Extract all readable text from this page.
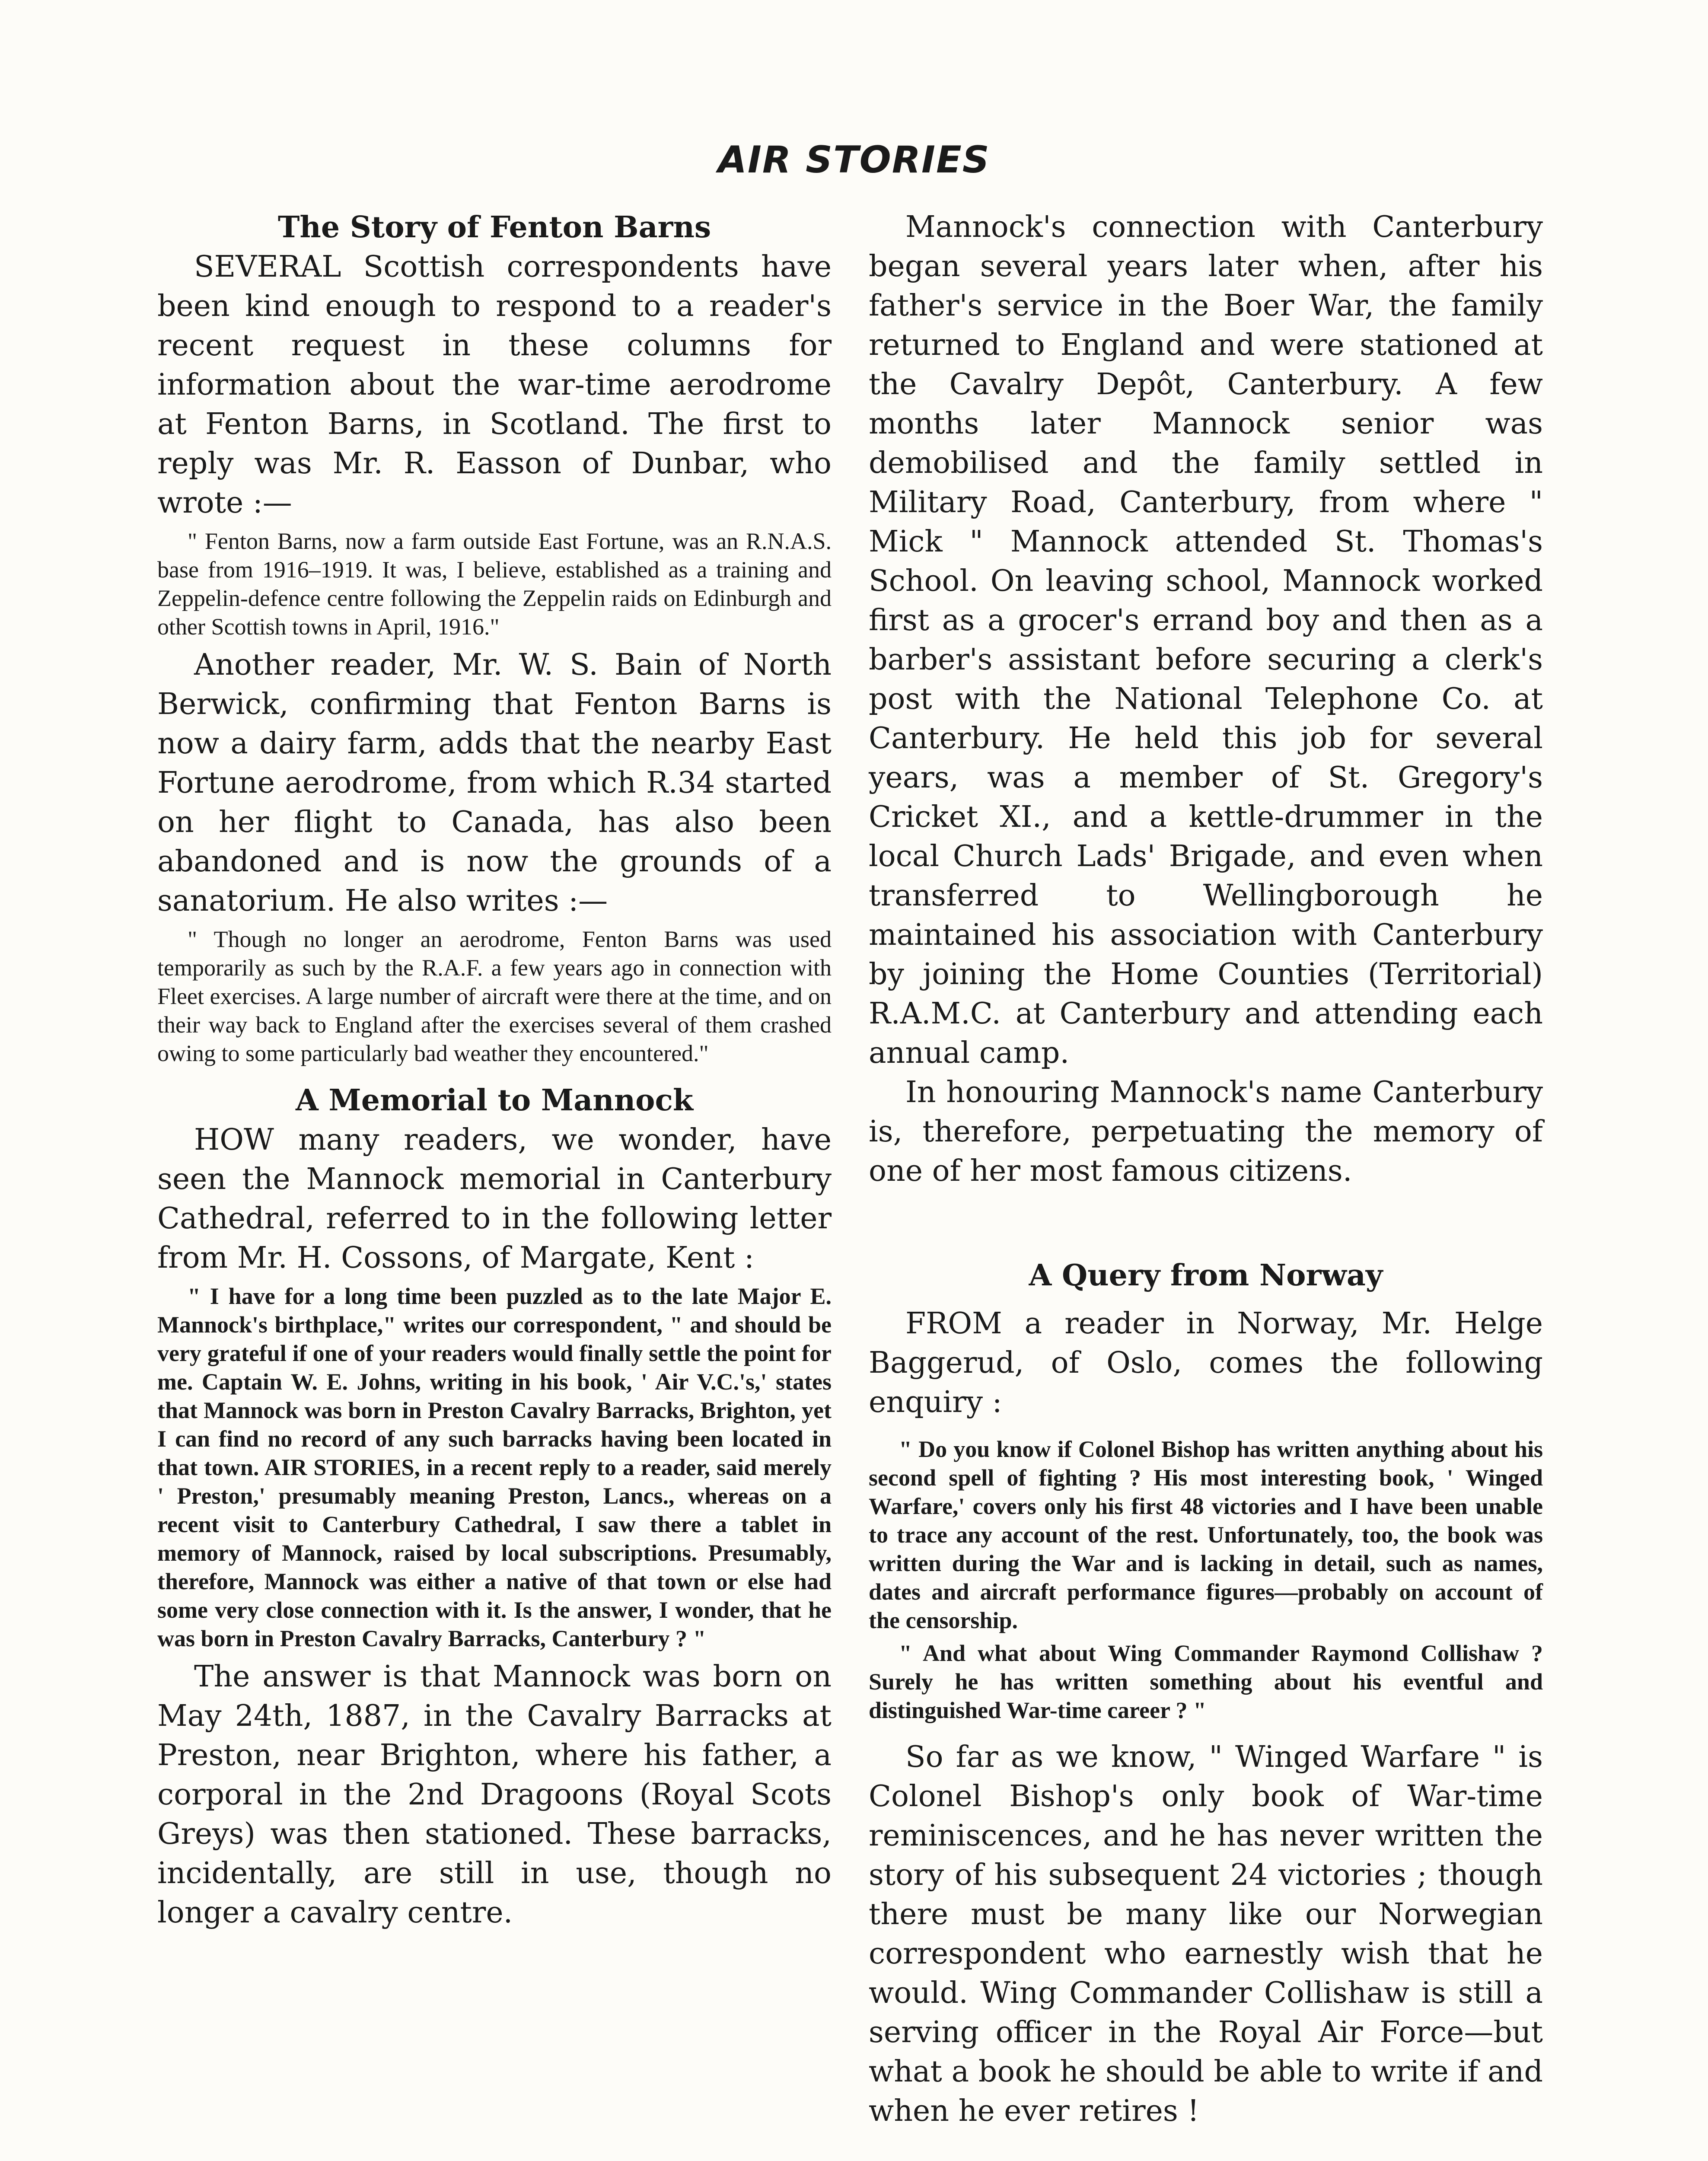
AIR STORIES
The Story of Fenton Barns

SEVERAL Scottish correspondents have been kind enough to respond to a reader's recent request in these columns for information about the war-time aerodrome at Fenton Barns, in Scotland. The first to reply was Mr. R. Easson of Dunbar, who wrote :—

" Fenton Barns, now a farm outside East Fortune, was an R.N.A.S. base from 1916–1919. It was, I believe, established as a training and Zeppelin-defence centre following the Zeppelin raids on Edinburgh and other Scottish towns in April, 1916."

Another reader, Mr. W. S. Bain of North Berwick, confirming that Fenton Barns is now a dairy farm, adds that the nearby East Fortune aerodrome, from which R.34 started on her flight to Canada, has also been abandoned and is now the grounds of a sanatorium. He also writes :—

" Though no longer an aerodrome, Fenton Barns was used temporarily as such by the R.A.F. a few years ago in connection with Fleet exercises. A large number of aircraft were there at the time, and on their way back to England after the exercises several of them crashed owing to some particularly bad weather they encountered."

A Memorial to Mannock

HOW many readers, we wonder, have seen the Mannock memorial in Canterbury Cathedral, referred to in the following letter from Mr. H. Cossons, of Margate, Kent :

" I have for a long time been puzzled as to the late Major E. Mannock's birthplace," writes our correspondent, " and should be very grateful if one of your readers would finally settle the point for me. Captain W. E. Johns, writing in his book, ' Air V.C.'s,' states that Mannock was born in Preston Cavalry Barracks, Brighton, yet I can find no record of any such barracks having been located in that town. AIR STORIES, in a recent reply to a reader, said merely ' Preston,' presumably meaning Preston, Lancs., whereas on a recent visit to Canterbury Cathedral, I saw there a tablet in memory of Mannock, raised by local subscriptions. Presumably, therefore, Mannock was either a native of that town or else had some very close connection with it. Is the answer, I wonder, that he was born in Preston Cavalry Barracks, Canterbury ? "

The answer is that Mannock was born on May 24th, 1887, in the Cavalry Barracks at Preston, near Brighton, where his father, a corporal in the 2nd Dragoons (Royal Scots Greys) was then stationed. These barracks, incidentally, are still in use, though no longer a cavalry centre.

Mannock's connection with Canterbury began several years later when, after his father's service in the Boer War, the family returned to England and were stationed at the Cavalry Depôt, Canterbury. A few months later Mannock senior was demobilised and the family settled in Military Road, Canterbury, from where " Mick " Mannock attended St. Thomas's School. On leaving school, Mannock worked first as a grocer's errand boy and then as a barber's assistant before securing a clerk's post with the National Telephone Co. at Canterbury. He held this job for several years, was a member of St. Gregory's Cricket XI., and a kettle-drummer in the local Church Lads' Brigade, and even when transferred to Wellingborough he maintained his association with Canterbury by joining the Home Counties (Territorial) R.A.M.C. at Canterbury and attending each annual camp.

In honouring Mannock's name Canterbury is, therefore, perpetuating the memory of one of her most famous citizens.

A Query from Norway

FROM a reader in Norway, Mr. Helge Baggerud, of Oslo, comes the following enquiry :

" Do you know if Colonel Bishop has written anything about his second spell of fighting ? His most interesting book, ' Winged Warfare,' covers only his first 48 victories and I have been unable to trace any account of the rest. Unfortunately, too, the book was written during the War and is lacking in detail, such as names, dates and aircraft performance figures—probably on account of the censorship.

" And what about Wing Commander Raymond Collishaw ? Surely he has written something about his eventful and distinguished War-time career ? "

So far as we know, " Winged Warfare " is Colonel Bishop's only book of War-time reminiscences, and he has never written the story of his subsequent 24 victories ; though there must be many like our Norwegian correspondent who earnestly wish that he would. Wing Commander Collishaw is still a serving officer in the Royal Air Force—but what a book he should be able to write if and when he ever retires !
